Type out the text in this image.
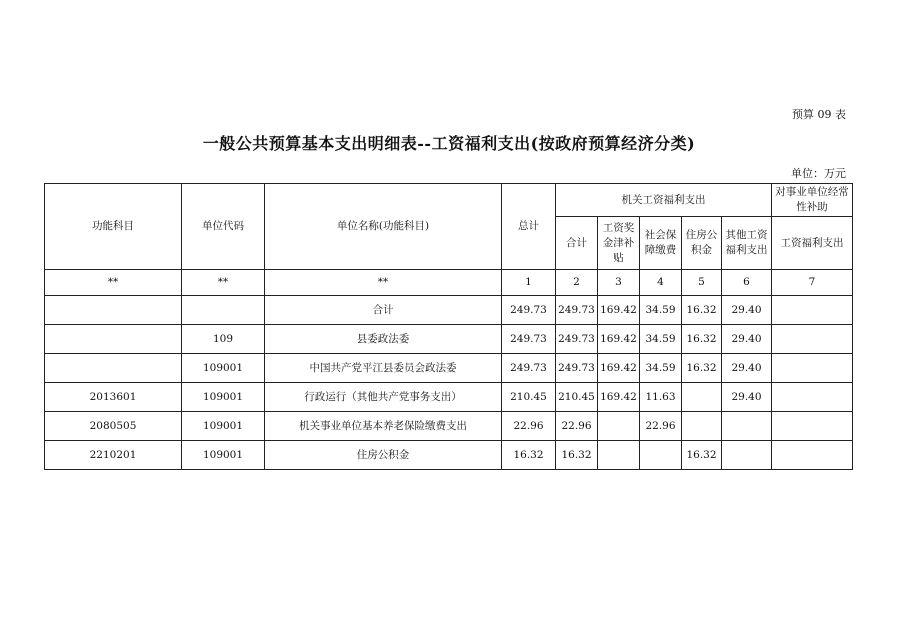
预算 09 表
一般公共预算基本支出明细表--工资福利支出(按政府预算经济分类)
单位：万元
功能科目	单位代码	单位名称(功能科目)	总计	机关工资福利支出					对事业单位经常性补助
				合计	工资奖金津补贴	社会保障缴费	住房公积金	其他工资福利支出	工资福利支出
**	**	**	1	2	3	4	5	6	7
		合计	249.73	249.73	169.42	34.59	16.32	29.40	
	109	县委政法委	249.73	249.73	169.42	34.59	16.32	29.40	
	109001	中国共产党平江县委员会政法委	249.73	249.73	169.42	34.59	16.32	29.40	
2013601	109001	行政运行（其他共产党事务支出）	210.45	210.45	169.42	11.63		29.40	
2080505	109001	机关事业单位基本养老保险缴费支出	22.96	22.96		22.96			
2210201	109001	住房公积金	16.32	16.32			16.32		
